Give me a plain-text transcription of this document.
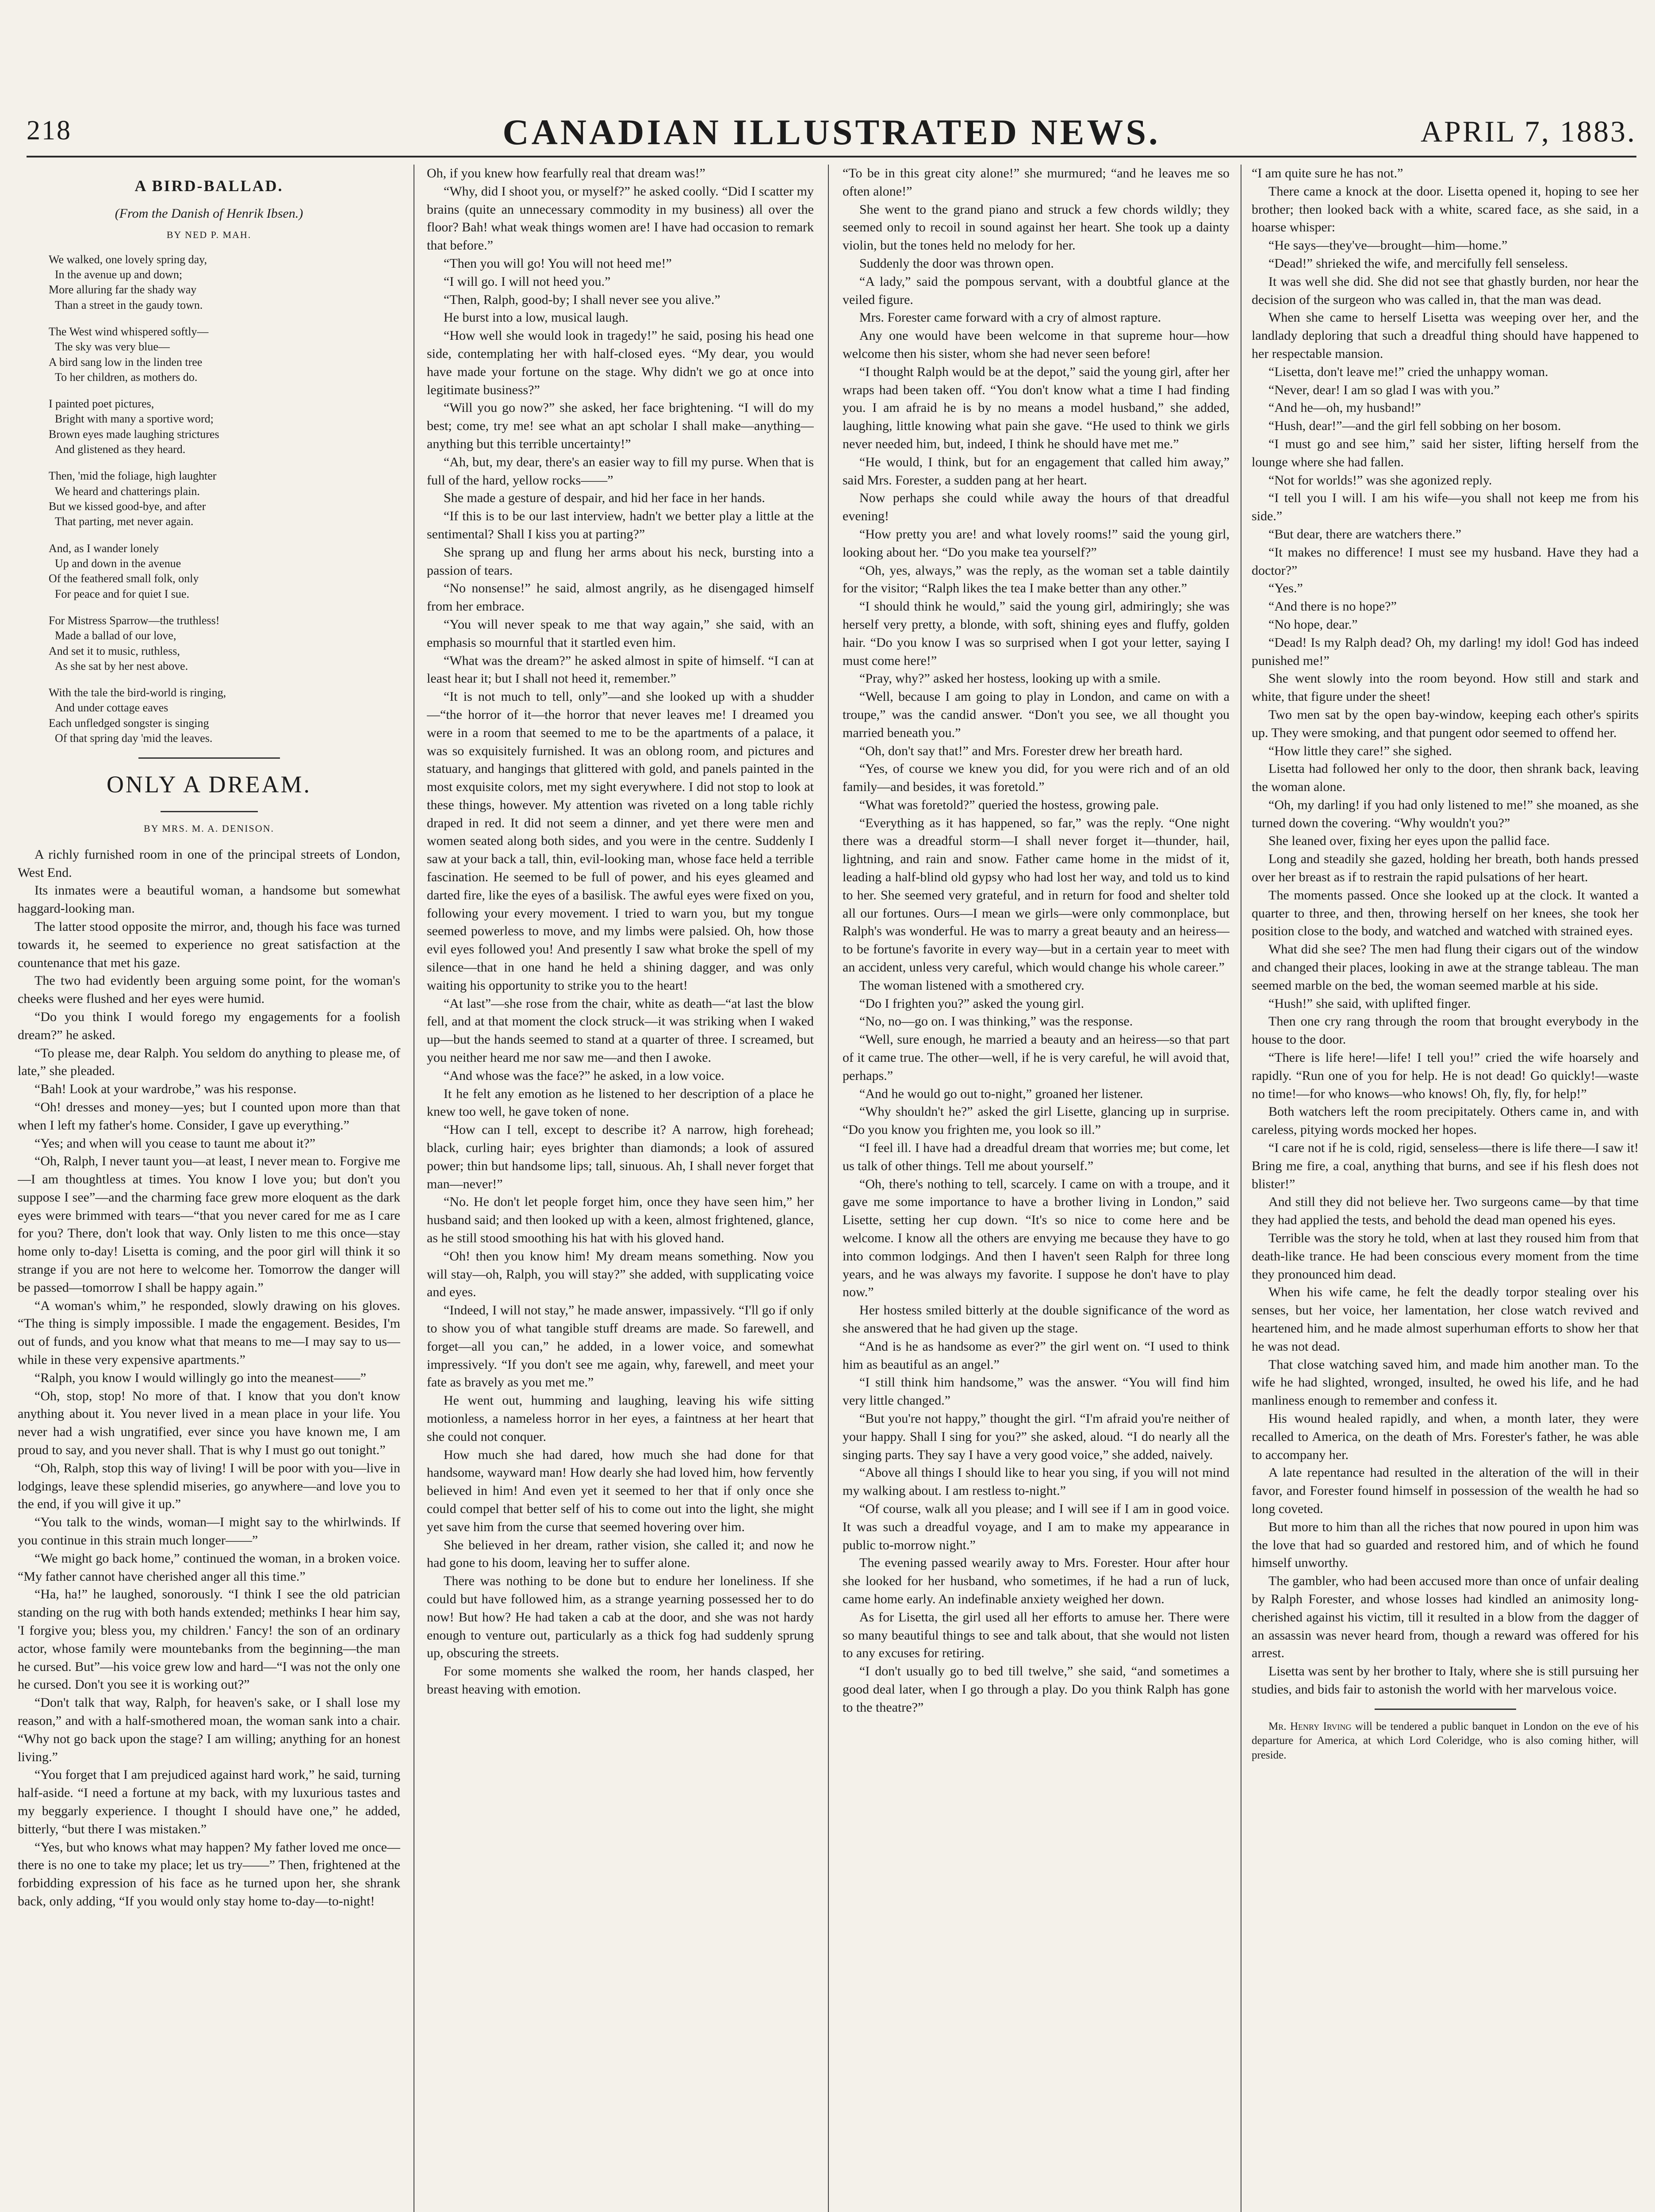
218	CANADIAN ILLUSTRATED NEWS.	APRIL 7, 1883.
A BIRD-BALLAD.
(From the Danish of Henrik Ibsen.)
BY NED P. MAH.
We walked, one lovely spring day,
In the avenue up and down;
More alluring far the shady way
Than a street in the gaudy town.
The West wind whispered softly—
The sky was very blue—
A bird sang low in the linden tree
To her children, as mothers do.
I painted poet pictures,
Bright with many a sportive word;
Brown eyes made laughing strictures
And glistened as they heard.
Then, 'mid the foliage, high laughter
We heard and chatterings plain.
But we kissed good-bye, and after
That parting, met never again.
And, as I wander lonely
Up and down in the avenue
Of the feathered small folk, only
For peace and for quiet I sue.
For Mistress Sparrow—the truthless!
Made a ballad of our love,
And set it to music, ruthless,
As she sat by her nest above.
With the tale the bird-world is ringing,
And under cottage eaves
Each unfledged songster is singing
Of that spring day 'mid the leaves.
ONLY A DREAM.
BY MRS. M. A. DENISON.

A richly furnished room in one of the principal streets of London, West End.

Its inmates were a beautiful woman, a handsome but somewhat haggard-looking man.

The latter stood opposite the mirror, and, though his face was turned towards it, he seemed to experience no great satisfaction at the countenance that met his gaze.

The two had evidently been arguing some point, for the woman's cheeks were flushed and her eyes were humid.

“Do you think I would forego my engagements for a foolish dream?” he asked.

“To please me, dear Ralph. You seldom do anything to please me, of late,” she pleaded.

“Bah! Look at your wardrobe,” was his response.

“Oh! dresses and money—yes; but I counted upon more than that when I left my father's home. Consider, I gave up everything.”

“Yes; and when will you cease to taunt me about it?”

“Oh, Ralph, I never taunt you—at least, I never mean to. Forgive me—I am thoughtless at times. You know I love you; but don't you suppose I see”—and the charming face grew more eloquent as the dark eyes were brimmed with tears—“that you never cared for me as I care for you? There, don't look that way. Only listen to me this once—stay home only to-day! Lisetta is coming, and the poor girl will think it so strange if you are not here to welcome her. Tomorrow the danger will be passed—tomorrow I shall be happy again.”

“A woman's whim,” he responded, slowly drawing on his gloves. “The thing is simply impossible. I made the engagement. Besides, I'm out of funds, and you know what that means to me—I may say to us—while in these very expensive apartments.”

“Ralph, you know I would willingly go into the meanest——”

“Oh, stop, stop! No more of that. I know that you don't know anything about it. You never lived in a mean place in your life. You never had a wish ungratified, ever since you have known me, I am proud to say, and you never shall. That is why I must go out tonight.”

“Oh, Ralph, stop this way of living! I will be poor with you—live in lodgings, leave these splendid miseries, go anywhere—and love you to the end, if you will give it up.”

“You talk to the winds, woman—I might say to the whirlwinds. If you continue in this strain much longer——”

“We might go back home,” continued the woman, in a broken voice. “My father cannot have cherished anger all this time.”

“Ha, ha!” he laughed, sonorously. “I think I see the old patrician standing on the rug with both hands extended; methinks I hear him say, 'I forgive you; bless you, my children.' Fancy! the son of an ordinary actor, whose family were mountebanks from the beginning—the man he cursed. But”—his voice grew low and hard—“I was not the only one he cursed. Don't you see it is working out?”

“Don't talk that way, Ralph, for heaven's sake, or I shall lose my reason,” and with a half-smothered moan, the woman sank into a chair. “Why not go back upon the stage? I am willing; anything for an honest living.”

“You forget that I am prejudiced against hard work,” he said, turning half-aside. “I need a fortune at my back, with my luxurious tastes and my beggarly experience. I thought I should have one,” he added, bitterly, “but there I was mistaken.”

“Yes, but who knows what may happen? My father loved me once—there is no one to take my place; let us try——” Then, frightened at the forbidding expression of his face as he turned upon her, she shrank back, only adding, “If you would only stay home to-day—to-night!

Oh, if you knew how fearfully real that dream was!”

“Why, did I shoot you, or myself?” he asked coolly. “Did I scatter my brains (quite an unnecessary commodity in my business) all over the floor? Bah! what weak things women are! I have had occasion to remark that before.”

“Then you will go! You will not heed me!”

“I will go. I will not heed you.”

“Then, Ralph, good-by; I shall never see you alive.”

He burst into a low, musical laugh.

“How well she would look in tragedy!” he said, posing his head one side, contemplating her with half-closed eyes. “My dear, you would have made your fortune on the stage. Why didn't we go at once into legitimate business?”

“Will you go now?” she asked, her face brightening. “I will do my best; come, try me! see what an apt scholar I shall make—anything—anything but this terrible uncertainty!”

“Ah, but, my dear, there's an easier way to fill my purse. When that is full of the hard, yellow rocks——”

She made a gesture of despair, and hid her face in her hands.

“If this is to be our last interview, hadn't we better play a little at the sentimental? Shall I kiss you at parting?”

She sprang up and flung her arms about his neck, bursting into a passion of tears.

“No nonsense!” he said, almost angrily, as he disengaged himself from her embrace.

“You will never speak to me that way again,” she said, with an emphasis so mournful that it startled even him.

“What was the dream?” he asked almost in spite of himself. “I can at least hear it; but I shall not heed it, remember.”

“It is not much to tell, only”—and she looked up with a shudder—“the horror of it—the horror that never leaves me! I dreamed you were in a room that seemed to me to be the apartments of a palace, it was so exquisitely furnished. It was an oblong room, and pictures and statuary, and hangings that glittered with gold, and panels painted in the most exquisite colors, met my sight everywhere. I did not stop to look at these things, however. My attention was riveted on a long table richly draped in red. It did not seem a dinner, and yet there were men and women seated along both sides, and you were in the centre. Suddenly I saw at your back a tall, thin, evil-looking man, whose face held a terrible fascination. He seemed to be full of power, and his eyes gleamed and darted fire, like the eyes of a basilisk. The awful eyes were fixed on you, following your every movement. I tried to warn you, but my tongue seemed powerless to move, and my limbs were palsied. Oh, how those evil eyes followed you! And presently I saw what broke the spell of my silence—that in one hand he held a shining dagger, and was only waiting his opportunity to strike you to the heart!

“At last”—she rose from the chair, white as death—“at last the blow fell, and at that moment the clock struck—it was striking when I waked up—but the hands seemed to stand at a quarter of three. I screamed, but you neither heard me nor saw me—and then I awoke.

“And whose was the face?” he asked, in a low voice.

It he felt any emotion as he listened to her description of a place he knew too well, he gave token of none.

“How can I tell, except to describe it? A narrow, high forehead; black, curling hair; eyes brighter than diamonds; a look of assured power; thin but handsome lips; tall, sinuous. Ah, I shall never forget that man—never!”

“No. He don't let people forget him, once they have seen him,” her husband said; and then looked up with a keen, almost frightened, glance, as he still stood smoothing his hat with his gloved hand.

“Oh! then you know him! My dream means something. Now you will stay—oh, Ralph, you will stay?” she added, with supplicating voice and eyes.

“Indeed, I will not stay,” he made answer, impassively. “I'll go if only to show you of what tangible stuff dreams are made. So farewell, and forget—all you can,” he added, in a lower voice, and somewhat impressively. “If you don't see me again, why, farewell, and meet your fate as bravely as you met me.”

He went out, humming and laughing, leaving his wife sitting motionless, a nameless horror in her eyes, a faintness at her heart that she could not conquer.

How much she had dared, how much she had done for that handsome, wayward man! How dearly she had loved him, how fervently believed in him! And even yet it seemed to her that if only once she could compel that better self of his to come out into the light, she might yet save him from the curse that seemed hovering over him.

She believed in her dream, rather vision, she called it; and now he had gone to his doom, leaving her to suffer alone.

There was nothing to be done but to endure her loneliness. If she could but have followed him, as a strange yearning possessed her to do now! But how? He had taken a cab at the door, and she was not hardy enough to venture out, particularly as a thick fog had suddenly sprung up, obscuring the streets.

For some moments she walked the room, her hands clasped, her breast heaving with emotion.

“To be in this great city alone!” she murmured; “and he leaves me so often alone!”

She went to the grand piano and struck a few chords wildly; they seemed only to recoil in sound against her heart. She took up a dainty violin, but the tones held no melody for her.

Suddenly the door was thrown open.

“A lady,” said the pompous servant, with a doubtful glance at the veiled figure.

Mrs. Forester came forward with a cry of almost rapture.

Any one would have been welcome in that supreme hour—how welcome then his sister, whom she had never seen before!

“I thought Ralph would be at the depot,” said the young girl, after her wraps had been taken off. “You don't know what a time I had finding you. I am afraid he is by no means a model husband,” she added, laughing, little knowing what pain she gave. “He used to think we girls never needed him, but, indeed, I think he should have met me.”

“He would, I think, but for an engagement that called him away,” said Mrs. Forester, a sudden pang at her heart.

Now perhaps she could while away the hours of that dreadful evening!

“How pretty you are! and what lovely rooms!” said the young girl, looking about her. “Do you make tea yourself?”

“Oh, yes, always,” was the reply, as the woman set a table daintily for the visitor; “Ralph likes the tea I make better than any other.”

“I should think he would,” said the young girl, admiringly; she was herself very pretty, a blonde, with soft, shining eyes and fluffy, golden hair. “Do you know I was so surprised when I got your letter, saying I must come here!”

“Pray, why?” asked her hostess, looking up with a smile.

“Well, because I am going to play in London, and came on with a troupe,” was the candid answer. “Don't you see, we all thought you married beneath you.”

“Oh, don't say that!” and Mrs. Forester drew her breath hard.

“Yes, of course we knew you did, for you were rich and of an old family—and besides, it was foretold.”

“What was foretold?” queried the hostess, growing pale.

“Everything as it has happened, so far,” was the reply. “One night there was a dreadful storm—I shall never forget it—thunder, hail, lightning, and rain and snow. Father came home in the midst of it, leading a half-blind old gypsy who had lost her way, and told us to kind to her. She seemed very grateful, and in return for food and shelter told all our fortunes. Ours—I mean we girls—were only commonplace, but Ralph's was wonderful. He was to marry a great beauty and an heiress—to be fortune's favorite in every way—but in a certain year to meet with an accident, unless very careful, which would change his whole career.”

The woman listened with a smothered cry.

“Do I frighten you?” asked the young girl.

“No, no—go on. I was thinking,” was the response.

“Well, sure enough, he married a beauty and an heiress—so that part of it came true. The other—well, if he is very careful, he will avoid that, perhaps.”

“And he would go out to-night,” groaned her listener.

“Why shouldn't he?” asked the girl Lisette, glancing up in surprise. “Do you know you frighten me, you look so ill.”

“I feel ill. I have had a dreadful dream that worries me; but come, let us talk of other things. Tell me about yourself.”

“Oh, there's nothing to tell, scarcely. I came on with a troupe, and it gave me some importance to have a brother living in London,” said Lisette, setting her cup down. “It's so nice to come here and be welcome. I know all the others are envying me because they have to go into common lodgings. And then I haven't seen Ralph for three long years, and he was always my favorite. I suppose he don't have to play now.”

Her hostess smiled bitterly at the double significance of the word as she answered that he had given up the stage.

“And is he as handsome as ever?” the girl went on. “I used to think him as beautiful as an angel.”

“I still think him handsome,” was the answer. “You will find him very little changed.”

“But you're not happy,” thought the girl. “I'm afraid you're neither of your happy. Shall I sing for you?” she asked, aloud. “I do nearly all the singing parts. They say I have a very good voice,” she added, naively.

“Above all things I should like to hear you sing, if you will not mind my walking about. I am restless to-night.”

“Of course, walk all you please; and I will see if I am in good voice. It was such a dreadful voyage, and I am to make my appearance in public to-morrow night.”

The evening passed wearily away to Mrs. Forester. Hour after hour she looked for her husband, who sometimes, if he had a run of luck, came home early. An indefinable anxiety weighed her down.

As for Lisetta, the girl used all her efforts to amuse her. There were so many beautiful things to see and talk about, that she would not listen to any excuses for retiring.

“I don't usually go to bed till twelve,” she said, “and sometimes a good deal later, when I go through a play. Do you think Ralph has gone to the theatre?”

“I am quite sure he has not.”

There came a knock at the door. Lisetta opened it, hoping to see her brother; then looked back with a white, scared face, as she said, in a hoarse whisper:

“He says—they've—brought—him—home.”

“Dead!” shrieked the wife, and mercifully fell senseless.

It was well she did. She did not see that ghastly burden, nor hear the decision of the surgeon who was called in, that the man was dead.

When she came to herself Lisetta was weeping over her, and the landlady deploring that such a dreadful thing should have happened to her respectable mansion.

“Lisetta, don't leave me!” cried the unhappy woman.

“Never, dear! I am so glad I was with you.”

“And he—oh, my husband!”

“Hush, dear!”—and the girl fell sobbing on her bosom.

“I must go and see him,” said her sister, lifting herself from the lounge where she had fallen.

“Not for worlds!” was she agonized reply.

“I tell you I will. I am his wife—you shall not keep me from his side.”

“But dear, there are watchers there.”

“It makes no difference! I must see my husband. Have they had a doctor?”

“Yes.”

“And there is no hope?”

“No hope, dear.”

“Dead! Is my Ralph dead? Oh, my darling! my idol! God has indeed punished me!”

She went slowly into the room beyond. How still and stark and white, that figure under the sheet!

Two men sat by the open bay-window, keeping each other's spirits up. They were smoking, and that pungent odor seemed to offend her.

“How little they care!” she sighed.

Lisetta had followed her only to the door, then shrank back, leaving the woman alone.

“Oh, my darling! if you had only listened to me!” she moaned, as she turned down the covering. “Why wouldn't you?”

She leaned over, fixing her eyes upon the pallid face.

Long and steadily she gazed, holding her breath, both hands pressed over her breast as if to restrain the rapid pulsations of her heart.

The moments passed. Once she looked up at the clock. It wanted a quarter to three, and then, throwing herself on her knees, she took her position close to the body, and watched and watched with strained eyes.

What did she see? The men had flung their cigars out of the window and changed their places, looking in awe at the strange tableau. The man seemed marble on the bed, the woman seemed marble at his side.

“Hush!” she said, with uplifted finger.

Then one cry rang through the room that brought everybody in the house to the door.

“There is life here!—life! I tell you!” cried the wife hoarsely and rapidly. “Run one of you for help. He is not dead! Go quickly!—waste no time!—for who knows—who knows! Oh, fly, fly, for help!”

Both watchers left the room precipitately. Others came in, and with careless, pitying words mocked her hopes.

“I care not if he is cold, rigid, senseless—there is life there—I saw it! Bring me fire, a coal, anything that burns, and see if his flesh does not blister!”

And still they did not believe her. Two surgeons came—by that time they had applied the tests, and behold the dead man opened his eyes.

Terrible was the story he told, when at last they roused him from that death-like trance. He had been conscious every moment from the time they pronounced him dead.

When his wife came, he felt the deadly torpor stealing over his senses, but her voice, her lamentation, her close watch revived and heartened him, and he made almost superhuman efforts to show her that he was not dead.

That close watching saved him, and made him another man. To the wife he had slighted, wronged, insulted, he owed his life, and he had manliness enough to remember and confess it.

His wound healed rapidly, and when, a month later, they were recalled to America, on the death of Mrs. Forester's father, he was able to accompany her.

A late repentance had resulted in the alteration of the will in their favor, and Forester found himself in possession of the wealth he had so long coveted.

But more to him than all the riches that now poured in upon him was the love that had so guarded and restored him, and of which he found himself unworthy.

The gambler, who had been accused more than once of unfair dealing by Ralph Forester, and whose losses had kindled an animosity long-cherished against his victim, till it resulted in a blow from the dagger of an assassin was never heard from, though a reward was offered for his arrest.

Lisetta was sent by her brother to Italy, where she is still pursuing her studies, and bids fair to astonish the world with her marvelous voice.

Mr. Henry Irving will be tendered a public banquet in London on the eve of his departure for America, at which Lord Coleridge, who is also coming hither, will preside.
